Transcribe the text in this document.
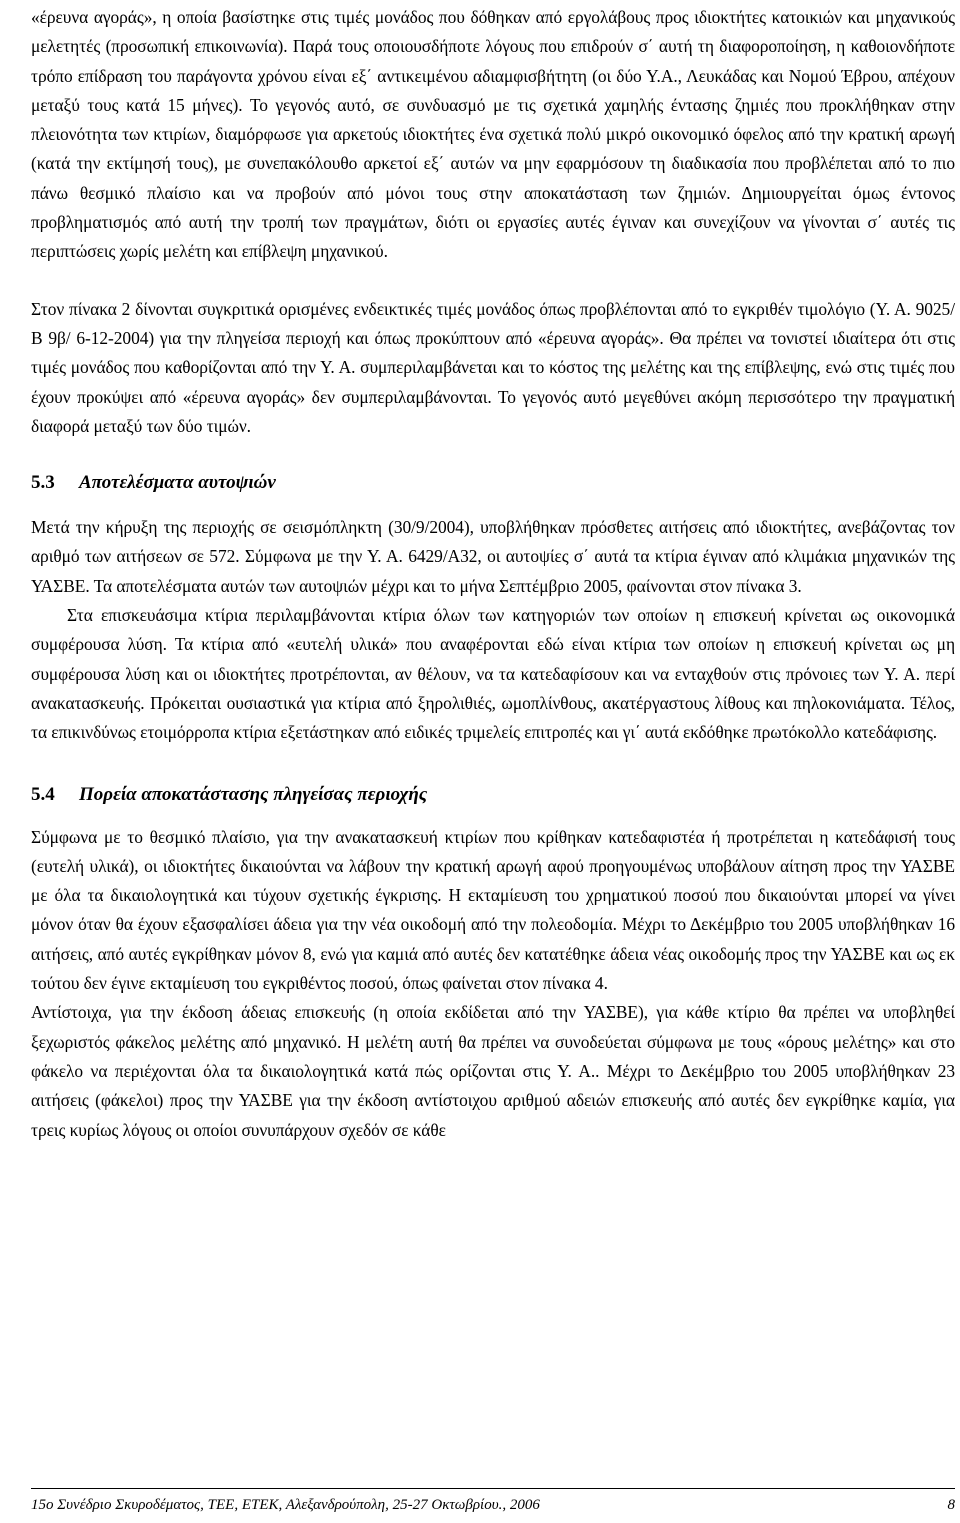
«έρευνα αγοράς», η οποία βασίστηκε στις τιμές μονάδος που δόθηκαν από εργολάβους προς ιδιοκτήτες κατοικιών και μηχανικούς μελετητές (προσωπική επικοινωνία). Παρά τους οποιουσδήποτε λόγους που επιδρούν σ΄ αυτή τη διαφοροποίηση, η καθοιονδήποτε τρόπο επίδραση του παράγοντα χρόνου είναι εξ΄ αντικειμένου αδιαμφισβήτητη (οι δύο Υ.Α., Λευκάδας και Νομού Έβρου, απέχουν μεταξύ τους κατά 15 μήνες). Το γεγονός αυτό, σε συνδυασμό με τις σχετικά χαμηλής έντασης ζημιές που προκλήθηκαν στην πλειονότητα των κτιρίων, διαμόρφωσε για αρκετούς ιδιοκτήτες ένα σχετικά πολύ μικρό οικονομικό όφελος από την κρατική αρωγή (κατά την εκτίμησή τους), με συνεπακόλουθο αρκετοί εξ΄ αυτών να μην εφαρμόσουν τη διαδικασία που προβλέπεται από το πιο πάνω θεσμικό πλαίσιο και να προβούν από μόνοι τους στην αποκατάσταση των ζημιών. Δημιουργείται όμως έντονος προβληματισμός από αυτή την τροπή των πραγμάτων, διότι οι εργασίες αυτές έγιναν και συνεχίζουν να γίνονται σ΄ αυτές τις περιπτώσεις χωρίς μελέτη και επίβλεψη μηχανικού.

Στον πίνακα 2 δίνονται συγκριτικά ορισμένες ενδεικτικές τιμές μονάδος όπως προβλέπονται από το εγκριθέν τιμολόγιο (Υ. Α. 9025/Β 9β/ 6-12-2004) για την πληγείσα περιοχή και όπως προκύπτουν από «έρευνα αγοράς». Θα πρέπει να τονιστεί ιδιαίτερα ότι στις τιμές μονάδος που καθορίζονται από την Υ. Α. συμπεριλαμβάνεται και το κόστος της μελέτης και της επίβλεψης, ενώ στις τιμές που έχουν προκύψει από «έρευνα αγοράς» δεν συμπεριλαμβάνονται. Το γεγονός αυτό μεγεθύνει ακόμη περισσότερο την πραγματική διαφορά μεταξύ των δύο τιμών.

5.3 Αποτελέσματα αυτοψιών

Μετά την κήρυξη της περιοχής σε σεισμόπληκτη (30/9/2004), υποβλήθηκαν πρόσθετες αιτήσεις από ιδιοκτήτες, ανεβάζοντας τον αριθμό των αιτήσεων σε 572. Σύμφωνα με την Υ. Α. 6429/Α32, οι αυτοψίες σ΄ αυτά τα κτίρια έγιναν από κλιμάκια μηχανικών της ΥΑΣΒΕ. Τα αποτελέσματα αυτών των αυτοψιών μέχρι και το μήνα Σεπτέμβριο 2005, φαίνονται στον πίνακα 3.

Στα επισκευάσιμα κτίρια περιλαμβάνονται κτίρια όλων των κατηγοριών των οποίων η επισκευή κρίνεται ως οικονομικά συμφέρουσα λύση. Τα κτίρια από «ευτελή υλικά» που αναφέρονται εδώ είναι κτίρια των οποίων η επισκευή κρίνεται ως μη συμφέρουσα λύση και οι ιδιοκτήτες προτρέπονται, αν θέλουν, να τα κατεδαφίσουν και να ενταχθούν στις πρόνοιες των Υ. Α. περί ανακατασκευής. Πρόκειται ουσιαστικά για κτίρια από ξηρολιθιές, ωμοπλίνθους, ακατέργαστους λίθους και πηλοκονιάματα. Τέλος, τα επικινδύνως ετοιμόρροπα κτίρια εξετάστηκαν από ειδικές τριμελείς επιτροπές και γι΄ αυτά εκδόθηκε πρωτόκολλο κατεδάφισης.

5.4 Πορεία αποκατάστασης πληγείσας περιοχής

Σύμφωνα με το θεσμικό πλαίσιο, για την ανακατασκευή κτιρίων που κρίθηκαν κατεδαφιστέα ή προτρέπεται η κατεδάφισή τους (ευτελή υλικά), οι ιδιοκτήτες δικαιούνται να λάβουν την κρατική αρωγή αφού προηγουμένως υποβάλουν αίτηση προς την ΥΑΣΒΕ με όλα τα δικαιολογητικά και τύχουν σχετικής έγκρισης. Η εκταμίευση του χρηματικού ποσού που δικαιούνται μπορεί να γίνει μόνον όταν θα έχουν εξασφαλίσει άδεια για την νέα οικοδομή από την πολεοδομία. Μέχρι το Δεκέμβριο του 2005 υποβλήθηκαν 16 αιτήσεις, από αυτές εγκρίθηκαν μόνον 8, ενώ για καμιά από αυτές δεν κατατέθηκε άδεια νέας οικοδομής προς την ΥΑΣΒΕ και ως εκ τούτου δεν έγινε εκταμίευση του εγκριθέντος ποσού, όπως φαίνεται στον πίνακα 4.

Αντίστοιχα, για την έκδοση άδειας επισκευής (η οποία εκδίδεται από την ΥΑΣΒΕ), για κάθε κτίριο θα πρέπει να υποβληθεί ξεχωριστός φάκελος μελέτης από μηχανικό. Η μελέτη αυτή θα πρέπει να συνοδεύεται σύμφωνα με τους «όρους μελέτης» και στο φάκελο να περιέχονται όλα τα δικαιολογητικά κατά πώς ορίζονται στις Υ. Α.. Μέχρι το Δεκέμβριο του 2005 υποβλήθηκαν 23 αιτήσεις (φάκελοι) προς την ΥΑΣΒΕ για την έκδοση αντίστοιχου αριθμού αδειών επισκευής από αυτές δεν εγκρίθηκε καμία, για τρεις κυρίως λόγους οι οποίοι συνυπάρχουν σχεδόν σε κάθε

15ο Συνέδριο Σκυροδέματος, ΤΕΕ, ΕΤΕΚ, Αλεξανδρούπολη, 25-27 Οκτωβρίου., 2006	8
